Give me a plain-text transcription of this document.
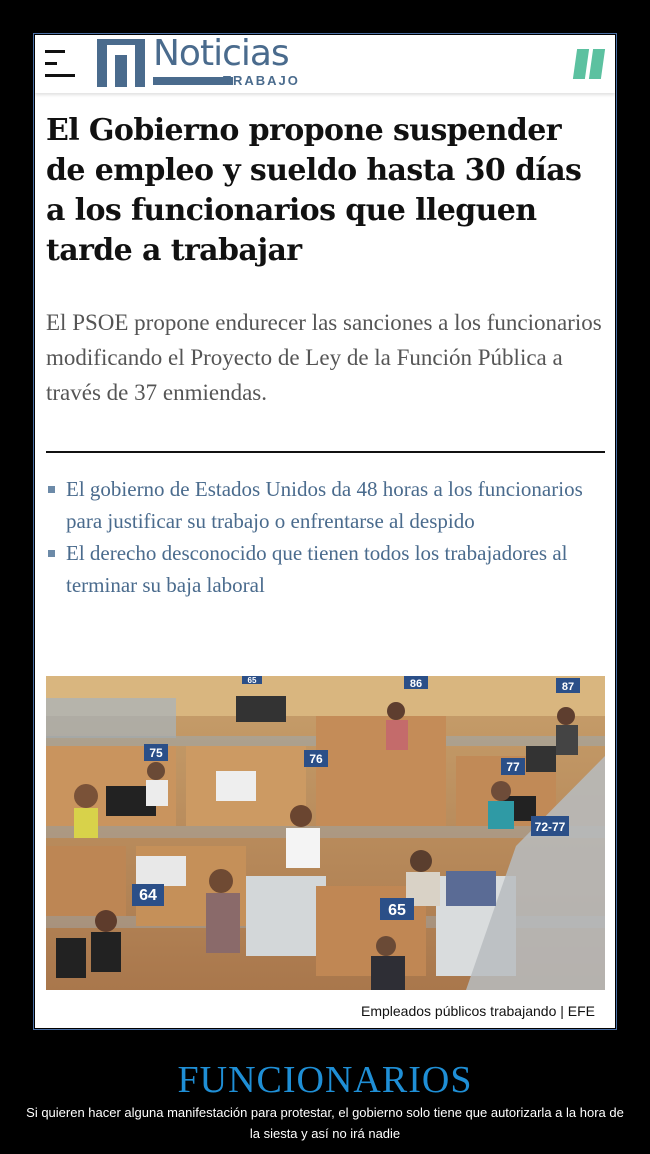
Noticias
TRABAJO
El Gobierno propone suspender de empleo y sueldo hasta 30 días a los funcionarios que lleguen tarde a trabajar
El PSOE propone endurecer las sanciones a los funcionarios modificando el Proyecto de Ley de la Función Pública a través de 37 enmiendas.
El gobierno de Estados Unidos da 48 horas a los funcionarios para justificar su trabajo o enfrentarse al despido
El derecho desconocido que tienen todos los trabajadores al terminar su baja laboral
75	76
77
86	87
64
65
72-77
65
Empleados públicos trabajando | EFE
FUNCIONARIOS
Si quieren hacer alguna manifestación para protestar, el gobierno solo tiene que autorizarla a la hora de la siesta y así no irá nadie
